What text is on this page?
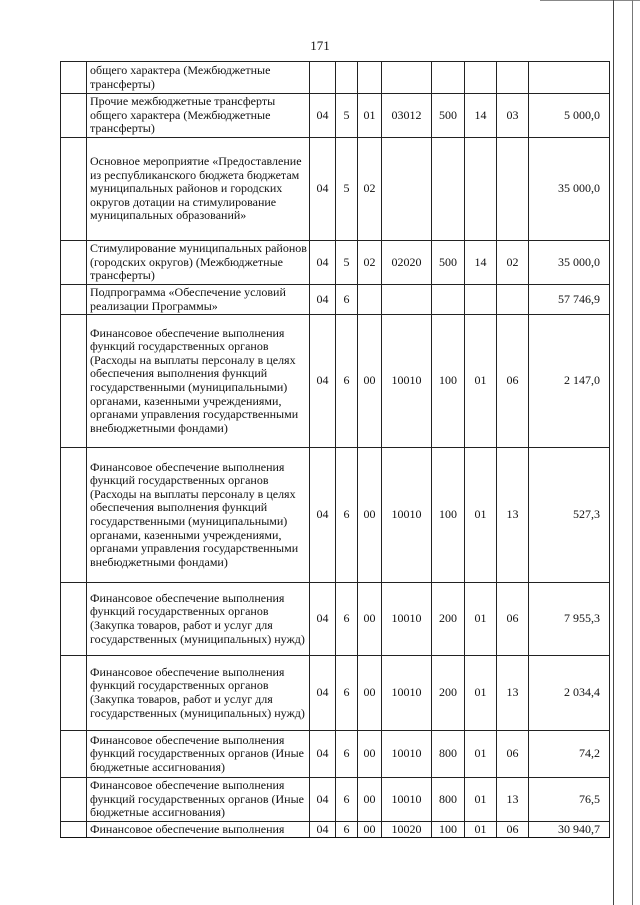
171
	общего характера (Межбюджетные трансферты)								
	Прочие межбюджетные трансферты общего характера (Межбюджетные трансферты)	04	5	01	03012	500	14	03	5 000,0
	Основное мероприятие «Предоставление из республиканского бюджета бюджетам муниципальных районов и городских округов дотации на стимулирование муниципальных образований»	04	5	02					35 000,0
	Стимулирование муниципальных районов (городских округов) (Межбюджетные трансферты)	04	5	02	02020	500	14	02	35 000,0
	Подпрограмма «Обеспечение условий реализации Программы»	04	6						57 746,9
	Финансовое обеспечение выполнения функций государственных органов (Расходы на выплаты персоналу в целях обеспечения выполнения функций государственными (муниципальными) органами, казенными учреждениями, органами управления государственными внебюджетными фондами)	04	6	00	10010	100	01	06	2 147,0
	Финансовое обеспечение выполнения функций государственных органов (Расходы на выплаты персоналу в целях обеспечения выполнения функций государственными (муниципальными) органами, казенными учреждениями, органами управления государственными внебюджетными фондами)	04	6	00	10010	100	01	13	527,3
	Финансовое обеспечение выполнения функций государственных органов (Закупка товаров, работ и услуг для государственных (муниципальных) нужд)	04	6	00	10010	200	01	06	7 955,3
	Финансовое обеспечение выполнения функций государственных органов (Закупка товаров, работ и услуг для государственных (муниципальных) нужд)	04	6	00	10010	200	01	13	2 034,4
	Финансовое обеспечение выполнения функций государственных органов (Иные бюджетные ассигнования)	04	6	00	10010	800	01	06	74,2
	Финансовое обеспечение выполнения функций государственных органов (Иные бюджетные ассигнования)	04	6	00	10010	800	01	13	76,5
	Финансовое обеспечение выполнения	04	6	00	10020	100	01	06	30 940,7
